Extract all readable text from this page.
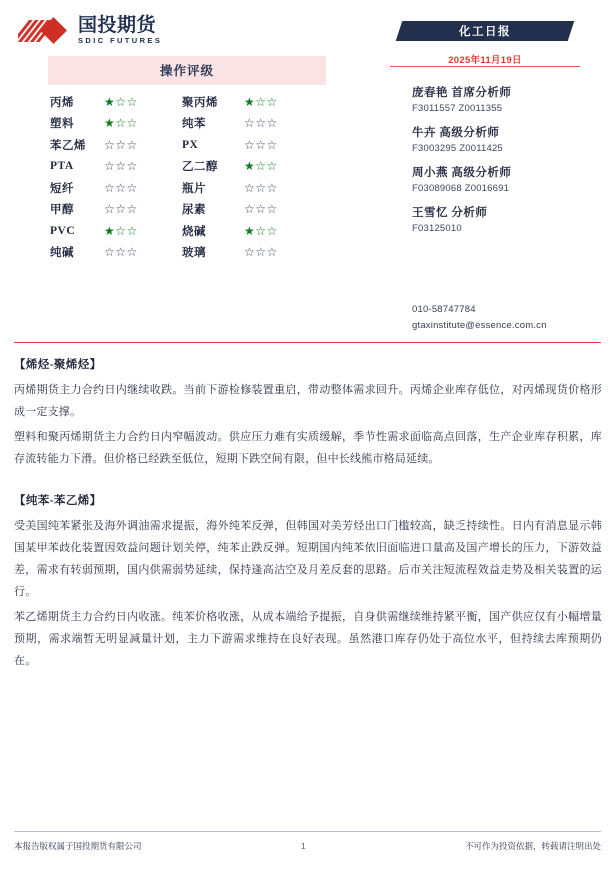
国投期货
SDIC FUTURES
操作评级
丙烯	★☆☆	聚丙烯	★☆☆
塑料	★☆☆	纯苯	☆☆☆
苯乙烯	☆☆☆	PX	☆☆☆
PTA	☆☆☆	乙二醇	★☆☆
短纤	☆☆☆	瓶片	☆☆☆
甲醇	☆☆☆	尿素	☆☆☆
PVC	★☆☆	烧碱	★☆☆
纯碱	☆☆☆	玻璃	☆☆☆
化工日报
2025年11月19日
庞春艳 首席分析师
F3011557 Z0011355
牛卉 高级分析师
F3003295 Z0011425
周小燕 高级分析师
F03089068 Z0016691
王雪忆 分析师
F03125010
010-58747784
gtaxinstitute@essence.com.cn
【烯烃-聚烯烃】

丙烯期货主力合约日内继续收跌。当前下游检修装置重启，带动整体需求回升。丙烯企业库存低位，对丙烯现货价格形成一定支撑。

塑料和聚丙烯期货主力合约日内窄幅波动。供应压力难有实质缓解，季节性需求面临高点回落，生产企业库存积累，库存流转能力下滑。但价格已经跌至低位，短期下跌空间有限，但中长线熊市格局延续。

【纯苯-苯乙烯】

受美国纯苯紧张及海外调油需求提振，海外纯苯反弹，但韩国对美芳烃出口门槛较高，缺乏持续性。日内有消息显示韩国某甲苯歧化装置因效益问题计划关停，纯苯止跌反弹。短期国内纯苯依旧面临进口量高及国产增长的压力，下游效益差，需求有转弱预期，国内供需弱势延续，保持逢高沽空及月差反套的思路。后市关注短流程效益走势及相关装置的运行。

苯乙烯期货主力合约日内收涨。纯苯价格收涨，从成本端给予提振，自身供需继续维持紧平衡，国产供应仅有小幅增量预期，需求端暂无明显减量计划，主力下游需求维持在良好表现。虽然港口库存仍处于高位水平，但持续去库预期仍在。

本报告版权属于国投期货有限公司	1	不可作为投资依据，转载请注明出处
